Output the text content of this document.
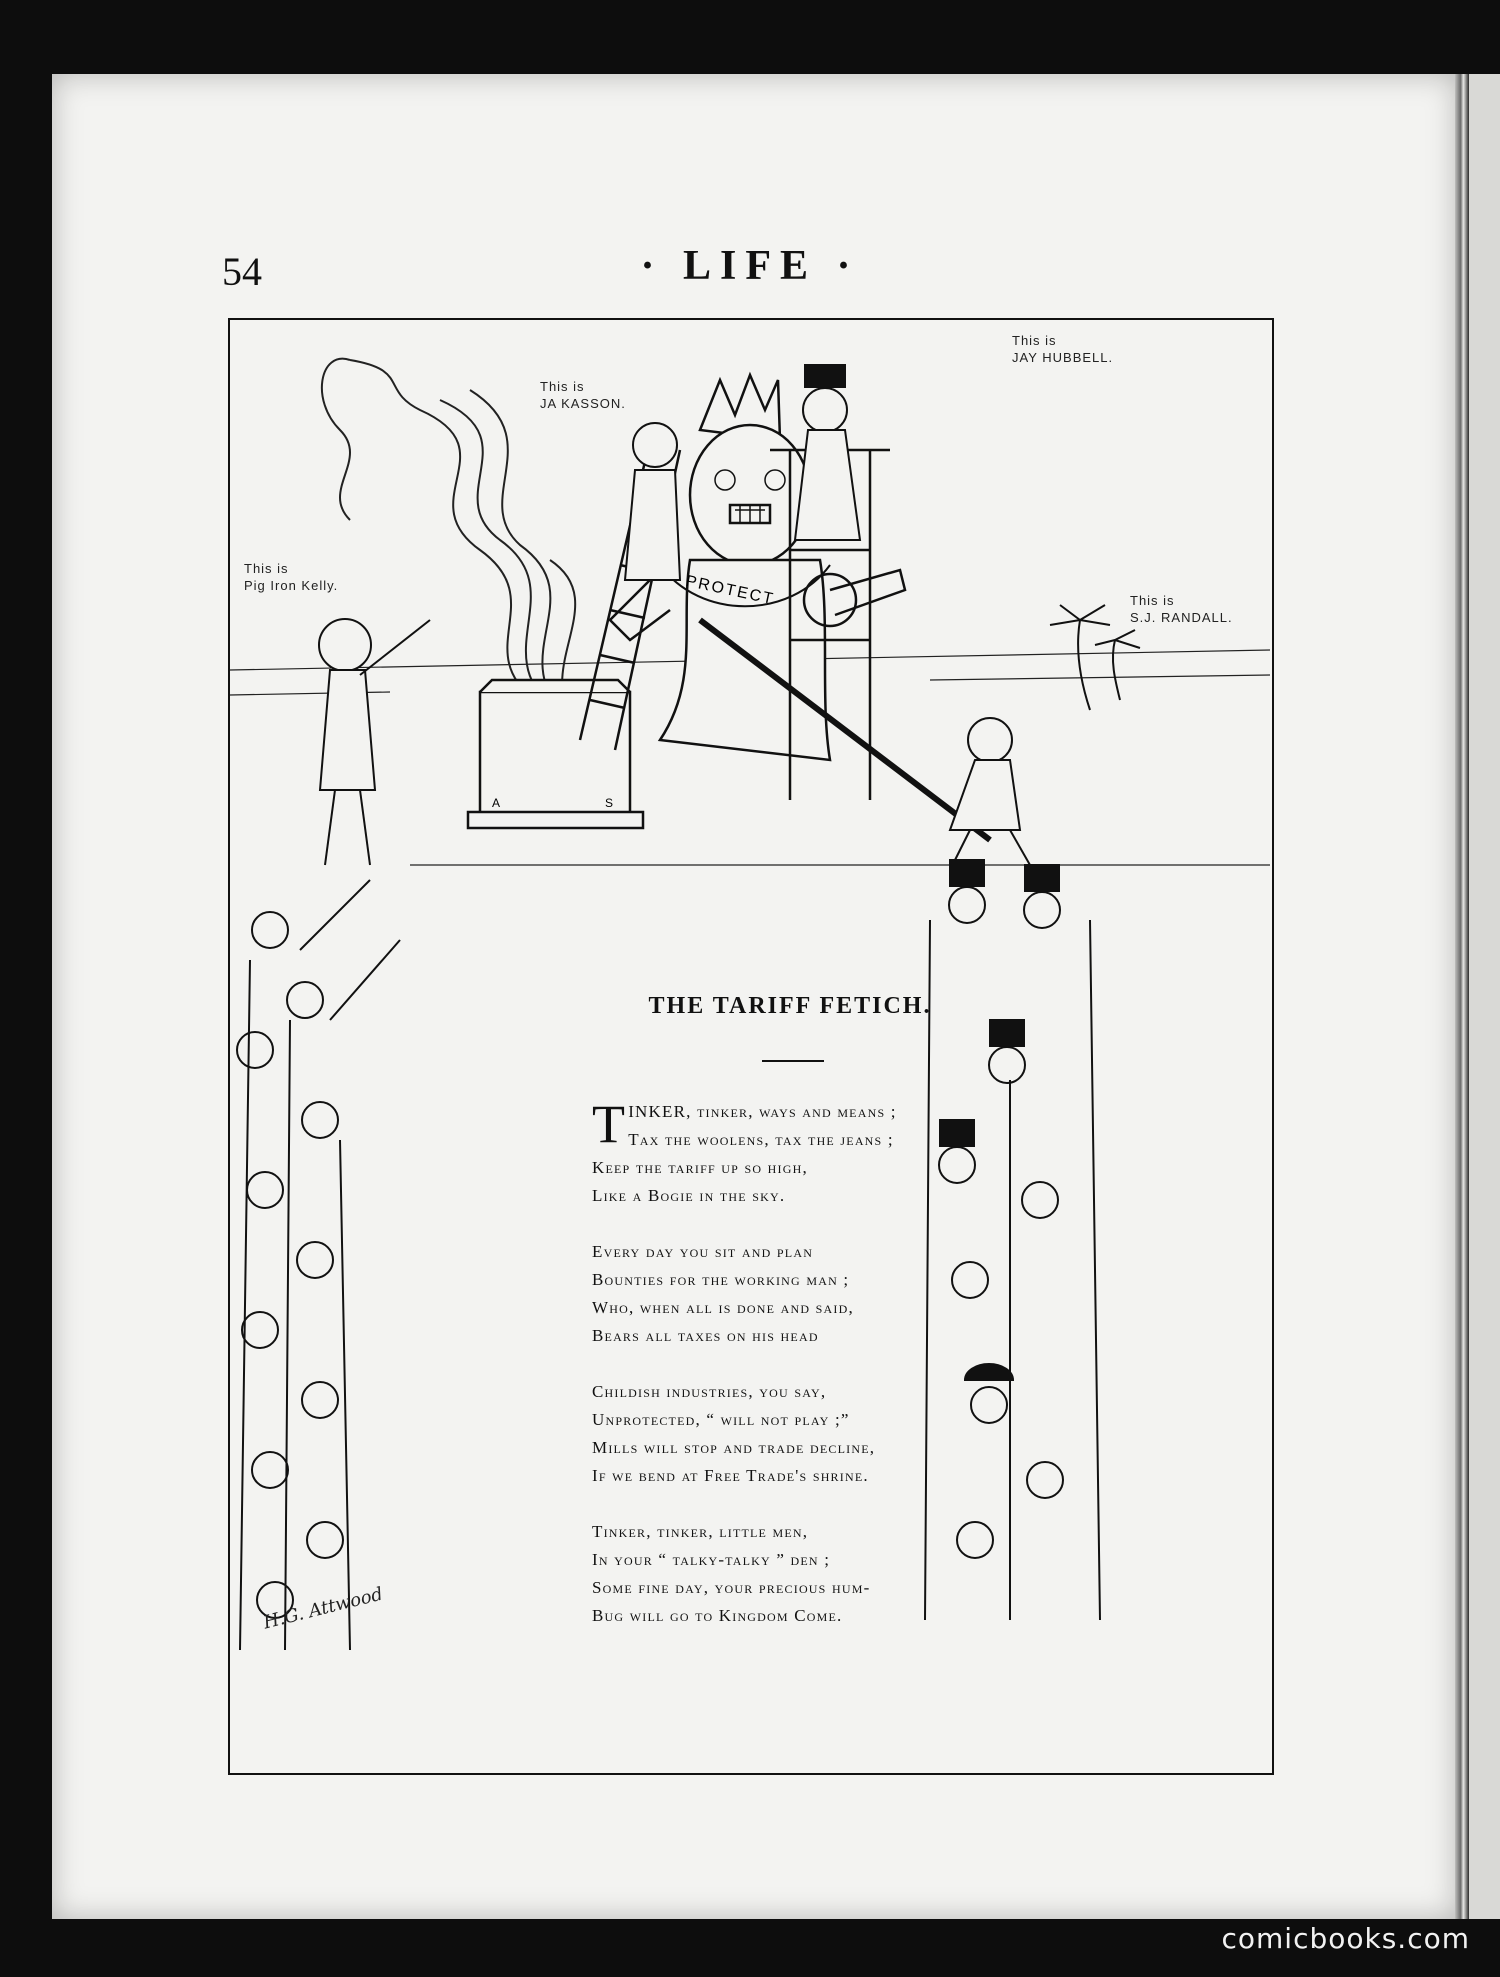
54	· LIFE ·
A	S
PROTECT
This is
Pig Iron Kelly.
This is
JA KASSON.
This is
JAY HUBBELL.
This is
S.J. RANDALL.
H.G. Attwood
THE TARIFF FETICH.
T INKER, tinker, ways and means ;
Tax the woolens, tax the jeans ;
Keep the tariff up so high,
Like a Bogie in the sky.
Every day you sit and plan
Bounties for the working man ;
Who, when all is done and said,
Bears all taxes on his head
Childish industries, you say,
Unprotected, “ will not play ;”
Mills will stop and trade decline,
If we bend at Free Trade's shrine.
Tinker, tinker, little men,
In your “ talky-talky ” den ;
Some fine day, your precious hum-
Bug will go to Kingdom Come.
comicbooks.com
